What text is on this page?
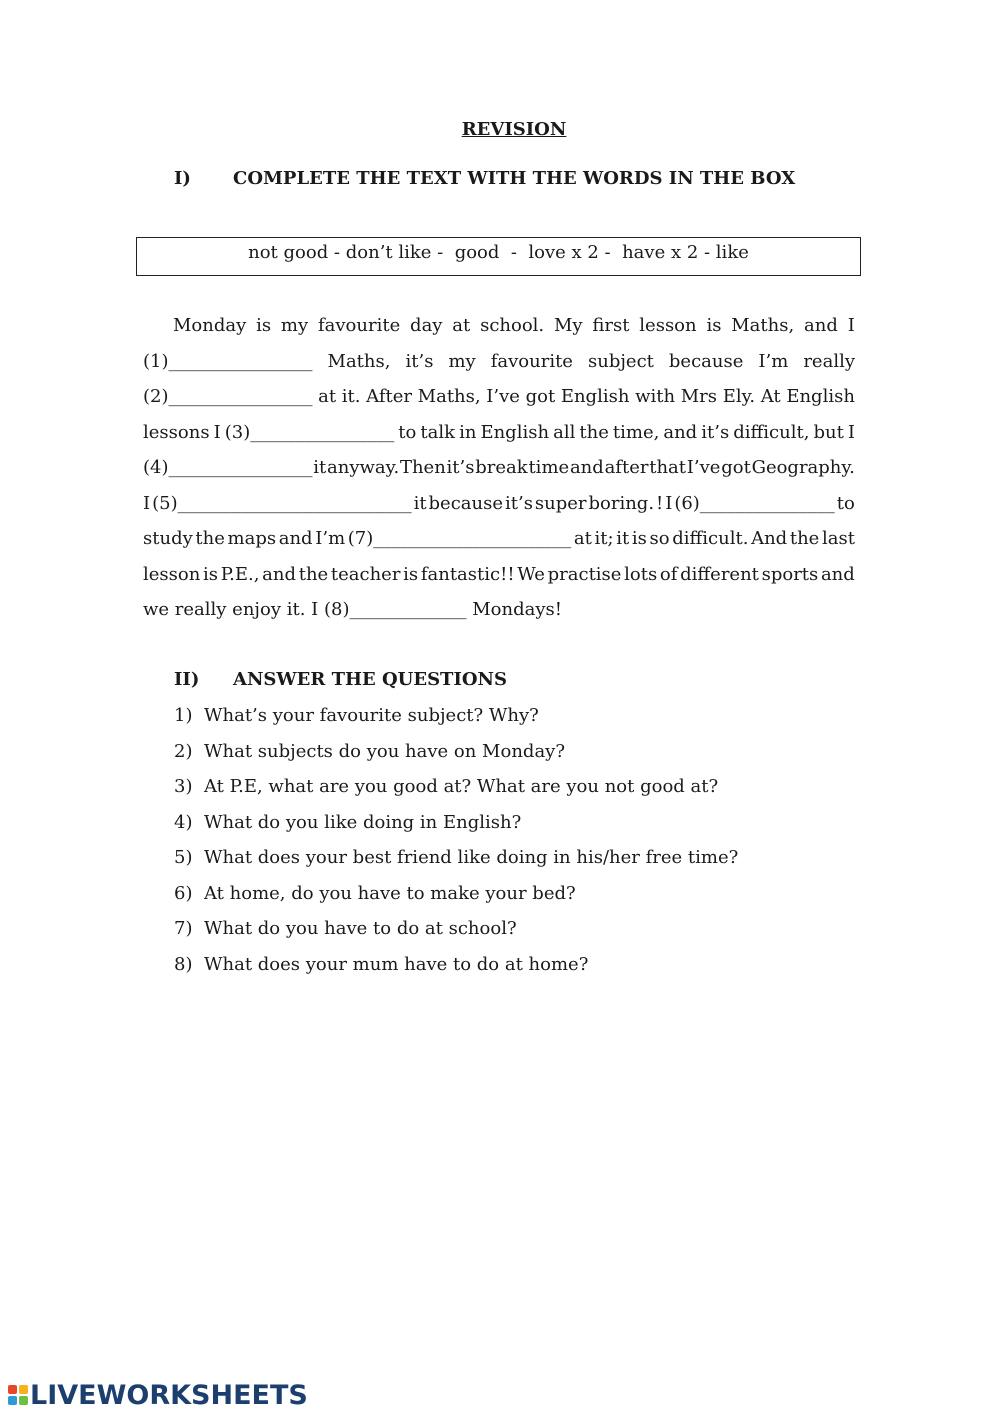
REVISION
I) COMPLETE THE TEXT WITH THE WORDS IN THE BOX
not good - don’t like -  good  -  love x 2 -  have x 2 - like
Monday is my favourite day at school. My first lesson is Maths, and I
(1)________________ Maths, it’s my favourite subject because I’m really
(2)________________ at it. After Maths, I’ve got English with Mrs Ely. At English
lessons I (3)________________ to talk in English all the time, and it’s difficult, but I
(4)________________ it anyway. Then it’s break time and after that I’ve got Geography.
I (5)__________________________ it because it’s super boring. ! I (6)_______________ to
study the maps and I’m (7)______________________ at it; it is so difficult. And the last
lesson is P.E., and the teacher is fantastic!! We practise lots of different sports and
we really enjoy it. I (8)_____________ Mondays!
II) ANSWER THE QUESTIONS
1) What’s your favourite subject? Why?
2) What subjects do you have on Monday?
3) At P.E, what are you good at? What are you not good at?
4) What do you like doing in English?
5) What does your best friend like doing in his/her free time?
6) At home, do you have to make your bed?
7) What do you have to do at school?
8) What does your mum have to do at home?
LIVEWORKSHEETS
